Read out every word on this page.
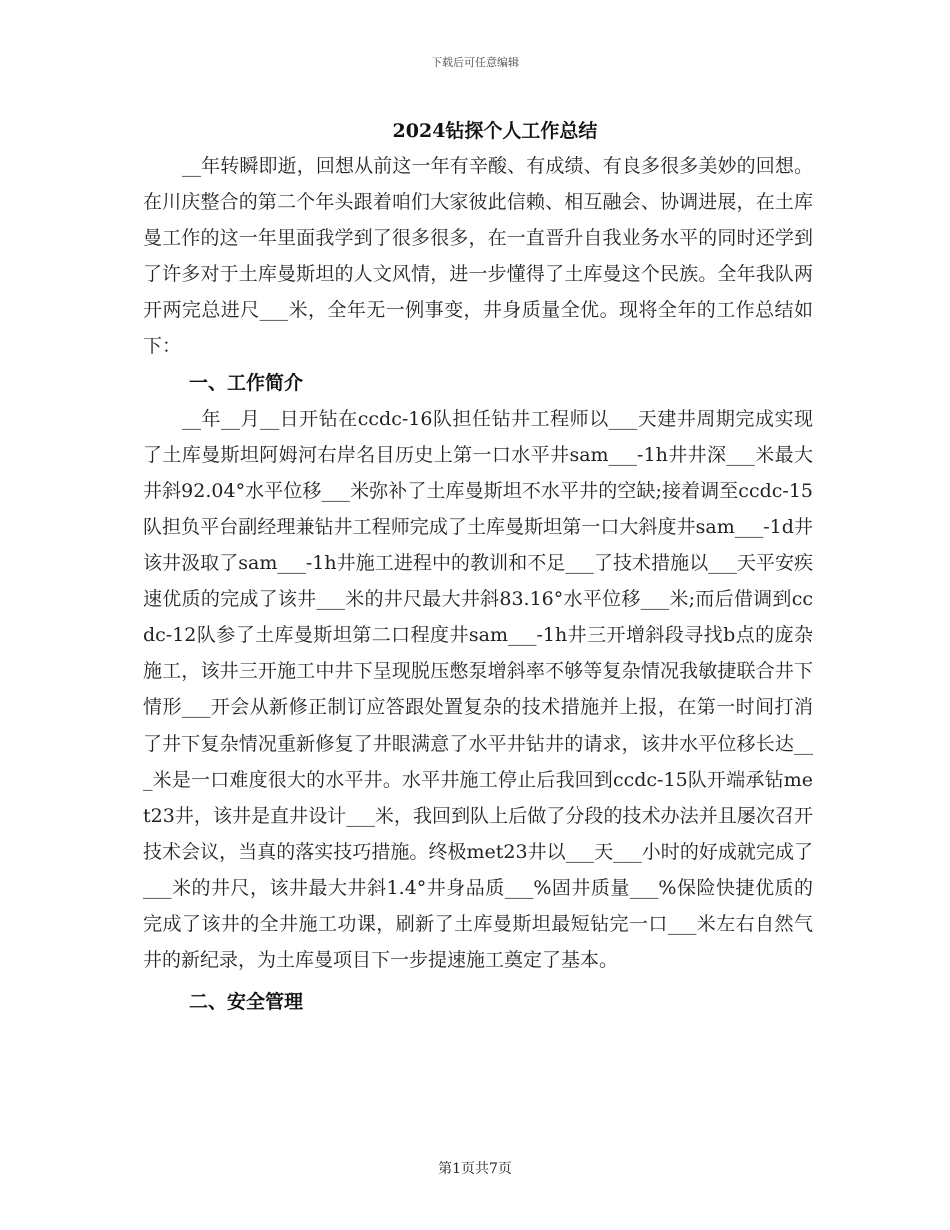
下载后可任意编辑
2024钻探个人工作总结

__年转瞬即逝，回想从前这一年有辛酸、有成绩、有良多很多美妙的回想。在川庆整合的第二个年头跟着咱们大家彼此信赖、相互融会、协调进展，在土库曼工作的这一年里面我学到了很多很多，在一直晋升自我业务水平的同时还学到了许多对于土库曼斯坦的人文风情，进一步懂得了土库曼这个民族。全年我队两开两完总进尺___米，全年无一例事变，井身质量全优。现将全年的工作总结如下：

一、工作简介

__年__月__日开钻在ccdc-16队担任钻井工程师以___天建井周期完成实现了土库曼斯坦阿姆河右岸名目历史上第一口水平井sam___-1h井井深___米最大井斜92.04°水平位移___米弥补了土库曼斯坦不水平井的空缺;接着调至ccdc-15队担负平台副经理兼钻井工程师完成了土库曼斯坦第一口大斜度井sam___-1d井该井汲取了sam___-1h井施工进程中的教训和不足___了技术措施以___天平安疾速优质的完成了该井___米的井尺最大井斜83.16°水平位移___米;而后借调到ccdc-12队参了土库曼斯坦第二口程度井sam___-1h井三开增斜段寻找b点的庞杂施工，该井三开施工中井下呈现脱压憋泵增斜率不够等复杂情况我敏捷联合井下情形___开会从新修正制订应答跟处置复杂的技术措施并上报，在第一时间打消了井下复杂情况重新修复了井眼满意了水平井钻井的请求，该井水平位移长达___米是一口难度很大的水平井。水平井施工停止后我回到ccdc-15队开端承钻met23井，该井是直井设计___米，我回到队上后做了分段的技术办法并且屡次召开技术会议，当真的落实技巧措施。终极met23井以___天___小时的好成就完成了___米的井尺，该井最大井斜1.4°井身品质___%固井质量___%保险快捷优质的完成了该井的全井施工功课，刷新了土库曼斯坦最短钻完一口___米左右自然气井的新纪录，为土库曼项目下一步提速施工奠定了基本。

二、安全管理

第1页共7页
